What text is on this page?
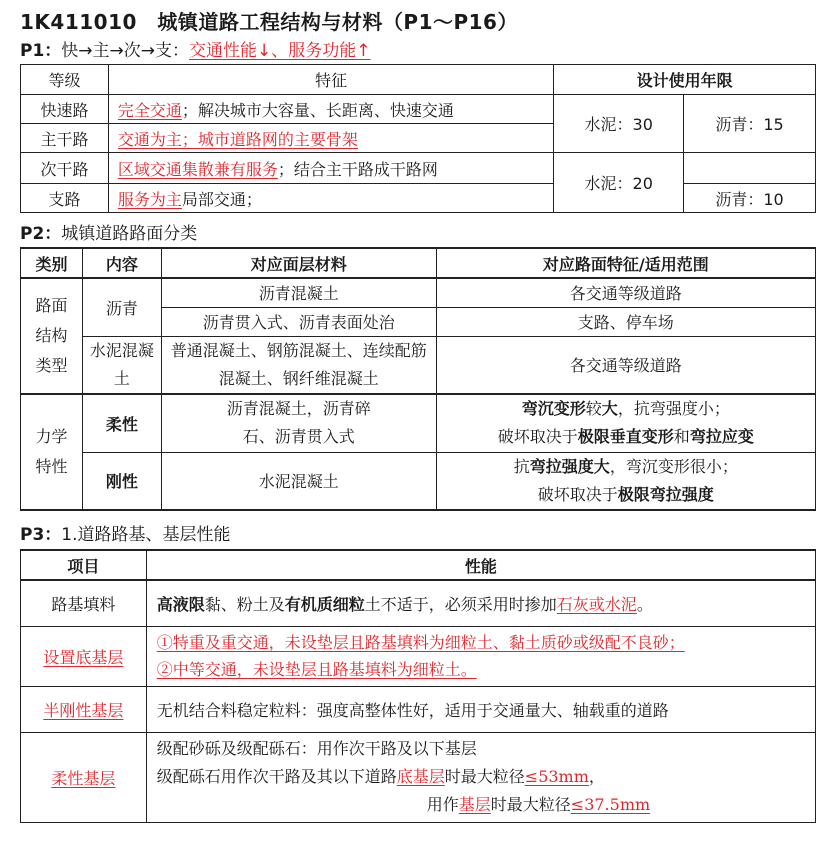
1K411010　城镇道路工程结构与材料（P1～P16）
P1：快→主→次→支：交通性能↓、服务功能↑
等级	特征	设计使用年限	
快速路	完全交通；解决城市大容量、长距离、快速交通	水泥：30	沥青：15
主干路	交通为主；城市道路网的主要骨架		
次干路	区域交通集散兼有服务；结合主干路成干路网	水泥：20	
支路	服务为主局部交通；		沥青：10
P2：城镇道路路面分类
类别	内容	对应面层材料	对应路面特征/适用范围
路面结构类型	沥青	沥青混凝土	各交通等级道路
		沥青贯入式、沥青表面处治	支路、停车场
	水泥混凝土	普通混凝土、钢筋混凝土、连续配筋混凝土、钢纤维混凝土	各交通等级道路
力学特性	柔性	沥青混凝土，沥青碎石、沥青贯入式	弯沉变形较大，抗弯强度小；
破坏取决于极限垂直变形和弯拉应变

	刚性	水泥混凝土	抗弯拉强度大，弯沉变形很小；
破坏取决于极限弯拉强度
P3：1.道路路基、基层性能
项目	性能
路基填料	高液限黏、粉土及有机质细粒土不适于，必须采用时掺加石灰或水泥。
设置底基层	①特重及重交通，未设垫层且路基填料为细粒土、黏土质砂或级配不良砂；
②中等交通，未设垫层且路基填料为细粒土。

半刚性基层	无机结合料稳定粒料：强度高整体性好，适用于交通量大、轴载重的道路
柔性基层	级配砂砾及级配砾石：用作次干路及以下基层
级配砾石用作次干路及其以下道路底基层时最大粒径≤53mm，
用作基层时最大粒径≤37.5mm
